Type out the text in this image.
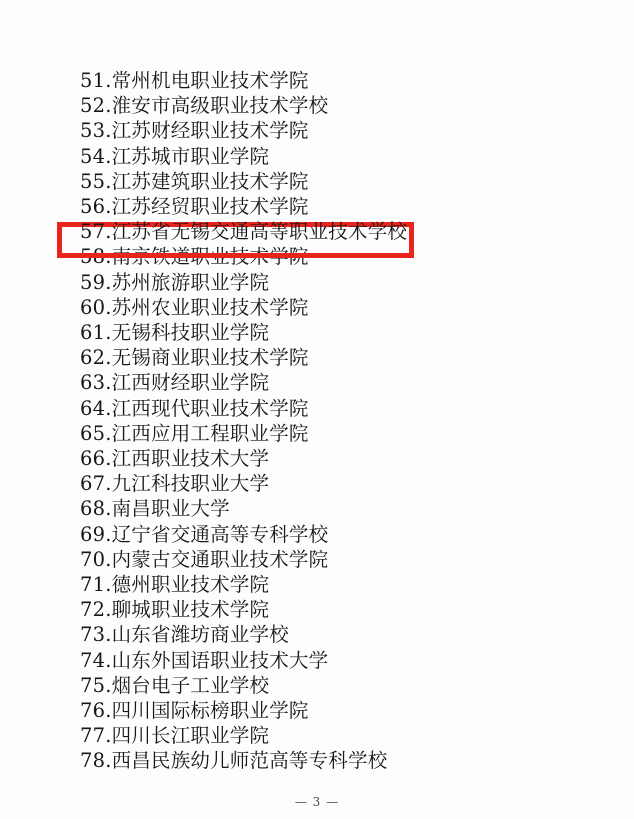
51.常州机电职业技术学院
52.淮安市高级职业技术学校
53.江苏财经职业技术学院
54.江苏城市职业学院
55.江苏建筑职业技术学院
56.江苏经贸职业技术学院
57.江苏省无锡交通高等职业技术学校
58.南京铁道职业技术学院
59.苏州旅游职业学院
60.苏州农业职业技术学院
61.无锡科技职业学院
62.无锡商业职业技术学院
63.江西财经职业学院
64.江西现代职业技术学院
65.江西应用工程职业学院
66.江西职业技术大学
67.九江科技职业大学
68.南昌职业大学
69.辽宁省交通高等专科学校
70.内蒙古交通职业技术学院
71.德州职业技术学院
72.聊城职业技术学院
73.山东省潍坊商业学校
74.山东外国语职业技术大学
75.烟台电子工业学校
76.四川国际标榜职业学院
77.四川长江职业学院
78.西昌民族幼儿师范高等专科学校
— 3 —
